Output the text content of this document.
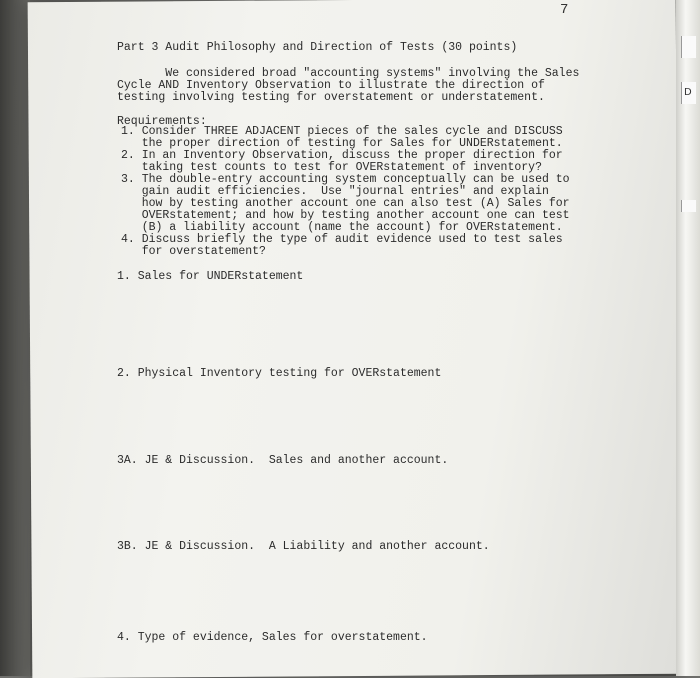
D
7
Part 3 Audit Philosophy and Direction of Tests (30 points)
We considered broad "accounting systems" involving the Sales
Cycle AND Inventory Observation to illustrate the direction of
testing involving testing for overstatement or understatement.
Requirements:
1. Consider THREE ADJACENT pieces of the sales cycle and DISCUSS
the proper direction of testing for Sales for UNDERstatement.
2. In an Inventory Observation, discuss the proper direction for
taking test counts to test for OVERstatement of inventory?
3. The double-entry accounting system conceptually can be used to
gain audit efficiencies.  Use "journal entries" and explain
how by testing another account one can also test (A) Sales for
OVERstatement; and how by testing another account one can test
(B) a liability account (name the account) for OVERstatement.
4. Discuss briefly the type of audit evidence used to test sales
for overstatement?
1. Sales for UNDERstatement
2. Physical Inventory testing for OVERstatement
3A. JE & Discussion.  Sales and another account.
3B. JE & Discussion.  A Liability and another account.
4. Type of evidence, Sales for overstatement.
